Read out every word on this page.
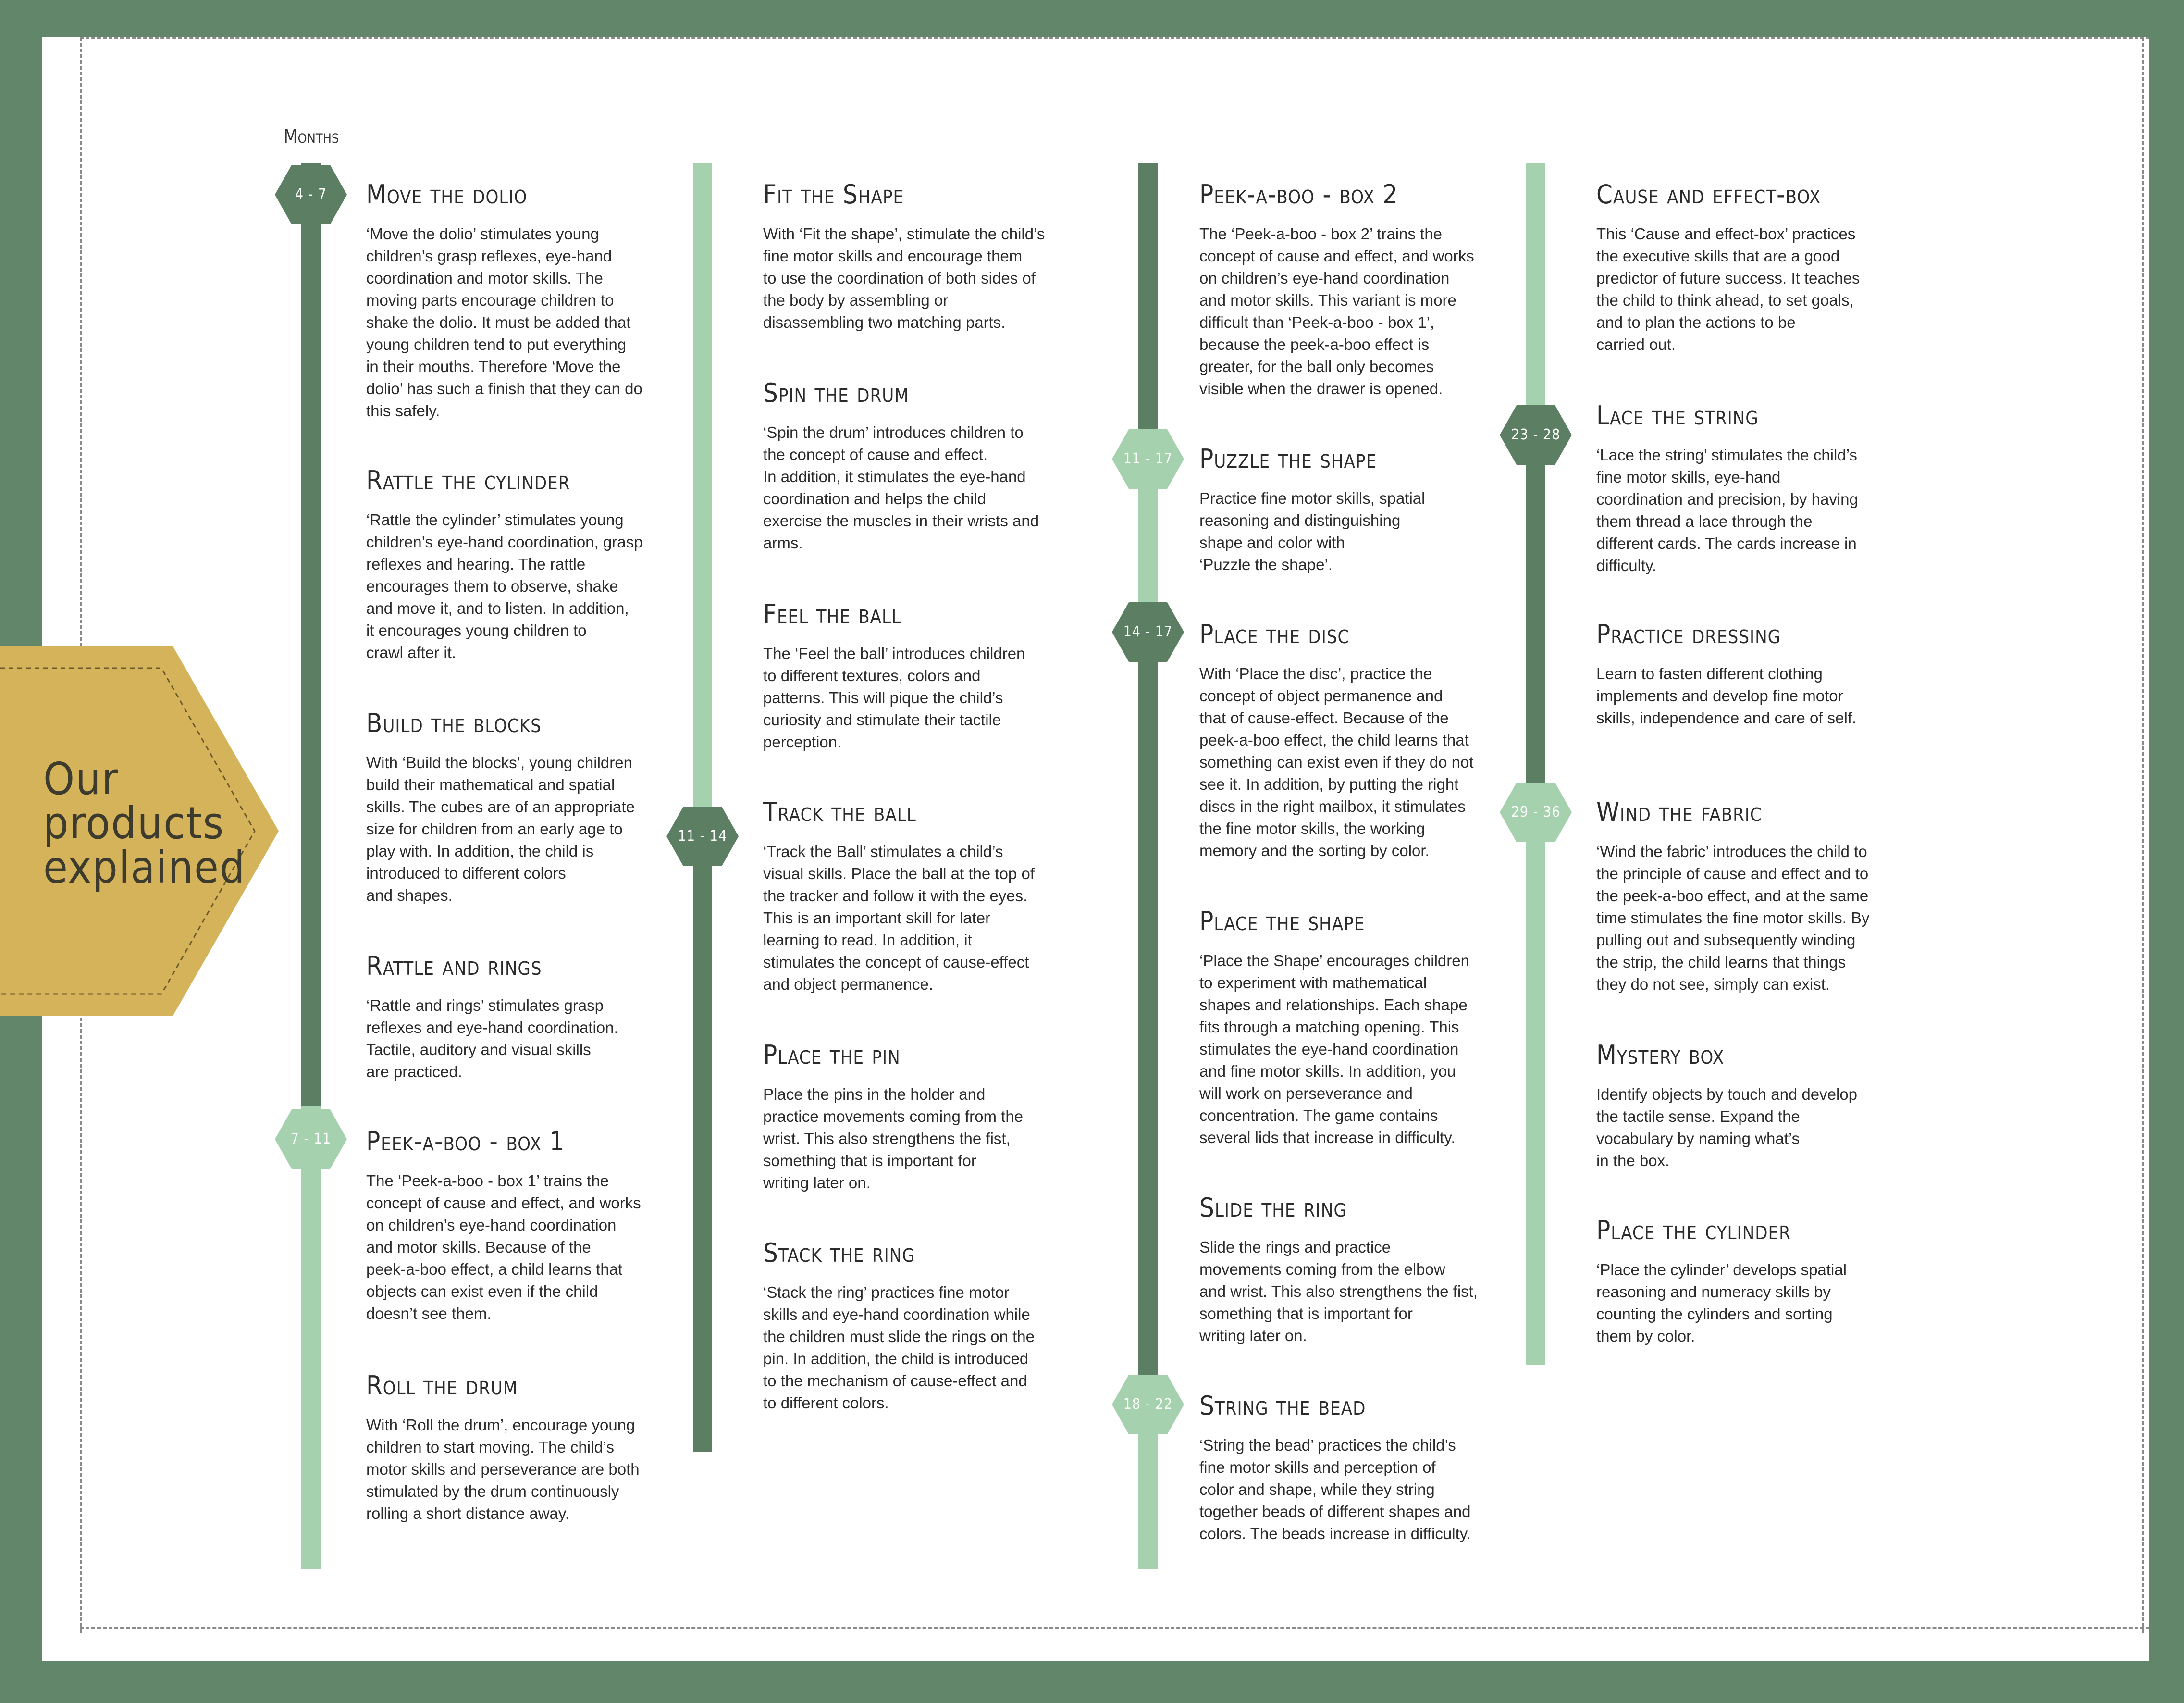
Our
products
explained
Months
4 - 7
7 - 11
11 - 14
11 - 17
14 - 17
18 - 22
23 - 28
29 - 36
Move the dolio

‘Move the dolio’ stimulates young
children’s grasp reflexes, eye-hand
coordination and motor skills. The
moving parts encourage children to
shake the dolio. It must be added that
young children tend to put everything
in their mouths. Therefore ‘Move the
dolio’ has such a finish that they can do
this safely.

Rattle the cylinder

‘Rattle the cylinder’ stimulates young
children’s eye-hand coordination, grasp
reflexes and hearing. The rattle
encourages them to observe, shake
and move it, and to listen. In addition,
it encourages young children to
crawl after it.

Build the blocks

With ‘Build the blocks’, young children
build their mathematical and spatial
skills. The cubes are of an appropriate
size for children from an early age to
play with. In addition, the child is
introduced to different colors
and shapes.

Rattle and rings

‘Rattle and rings’ stimulates grasp
reflexes and eye-hand coordination.
Tactile, auditory and visual skills
are practiced.

Peek-a-boo - box 1

The ‘Peek-a-boo - box 1’ trains the
concept of cause and effect, and works
on children’s eye-hand coordination
and motor skills. Because of the
peek-a-boo effect, a child learns that
objects can exist even if the child
doesn’t see them.

Roll the drum

With ‘Roll the drum’, encourage young
children to start moving. The child’s
motor skills and perseverance are both
stimulated by the drum continuously
rolling a short distance away.

Fit the Shape

With ‘Fit the shape’, stimulate the child’s
fine motor skills and encourage them
to use the coordination of both sides of
the body by assembling or
disassembling two matching parts.

Spin the drum

‘Spin the drum’ introduces children to
the concept of cause and effect.
In addition, it stimulates the eye-hand
coordination and helps the child
exercise the muscles in their wrists and
arms.

Feel the ball

The ‘Feel the ball’ introduces children
to different textures, colors and
patterns. This will pique the child’s
curiosity and stimulate their tactile
perception.

Track the ball

‘Track the Ball’ stimulates a child’s
visual skills. Place the ball at the top of
the tracker and follow it with the eyes.
This is an important skill for later
learning to read. In addition, it
stimulates the concept of cause-effect
and object permanence.

Place the pin

Place the pins in the holder and
practice movements coming from the
wrist. This also strengthens the fist,
something that is important for
writing later on.

Stack the ring

‘Stack the ring’ practices fine motor
skills and eye-hand coordination while
the children must slide the rings on the
pin. In addition, the child is introduced
to the mechanism of cause-effect and
to different colors.

Peek-a-boo - box 2

The ‘Peek-a-boo - box 2’ trains the
concept of cause and effect, and works
on children’s eye-hand coordination
and motor skills. This variant is more
difficult than ‘Peek-a-boo - box 1’,
because the peek-a-boo effect is
greater, for the ball only becomes
visible when the drawer is opened.

Puzzle the shape

Practice fine motor skills, spatial
reasoning and distinguishing
shape and color with
‘Puzzle the shape’.

Place the disc

With ‘Place the disc’, practice the
concept of object permanence and
that of cause-effect. Because of the
peek-a-boo effect, the child learns that
something can exist even if they do not
see it. In addition, by putting the right
discs in the right mailbox, it stimulates
the fine motor skills, the working
memory and the sorting by color.

Place the shape

‘Place the Shape’ encourages children
to experiment with mathematical
shapes and relationships. Each shape
fits through a matching opening. This
stimulates the eye-hand coordination
and fine motor skills. In addition, you
will work on perseverance and
concentration. The game contains
several lids that increase in difficulty.

Slide the ring

Slide the rings and practice
movements coming from the elbow
and wrist. This also strengthens the fist,
something that is important for
writing later on.

String the bead

‘String the bead’ practices the child’s
fine motor skills and perception of
color and shape, while they string
together beads of different shapes and
colors. The beads increase in difficulty.

Cause and effect-box

This ‘Cause and effect-box’ practices
the executive skills that are a good
predictor of future success. It teaches
the child to think ahead, to set goals,
and to plan the actions to be
carried out.

Lace the string

‘Lace the string’ stimulates the child’s
fine motor skills, eye-hand
coordination and precision, by having
them thread a lace through the
different cards. The cards increase in
difficulty.

Practice dressing

Learn to fasten different clothing
implements and develop fine motor
skills, independence and care of self.

Wind the fabric

‘Wind the fabric’ introduces the child to
the principle of cause and effect and to
the peek-a-boo effect, and at the same
time stimulates the fine motor skills. By
pulling out and subsequently winding
the strip, the child learns that things
they do not see, simply can exist.

Mystery box

Identify objects by touch and develop
the tactile sense. Expand the
vocabulary by naming what’s
in the box.

Place the cylinder

‘Place the cylinder’ develops spatial
reasoning and numeracy skills by
counting the cylinders and sorting
them by color.
